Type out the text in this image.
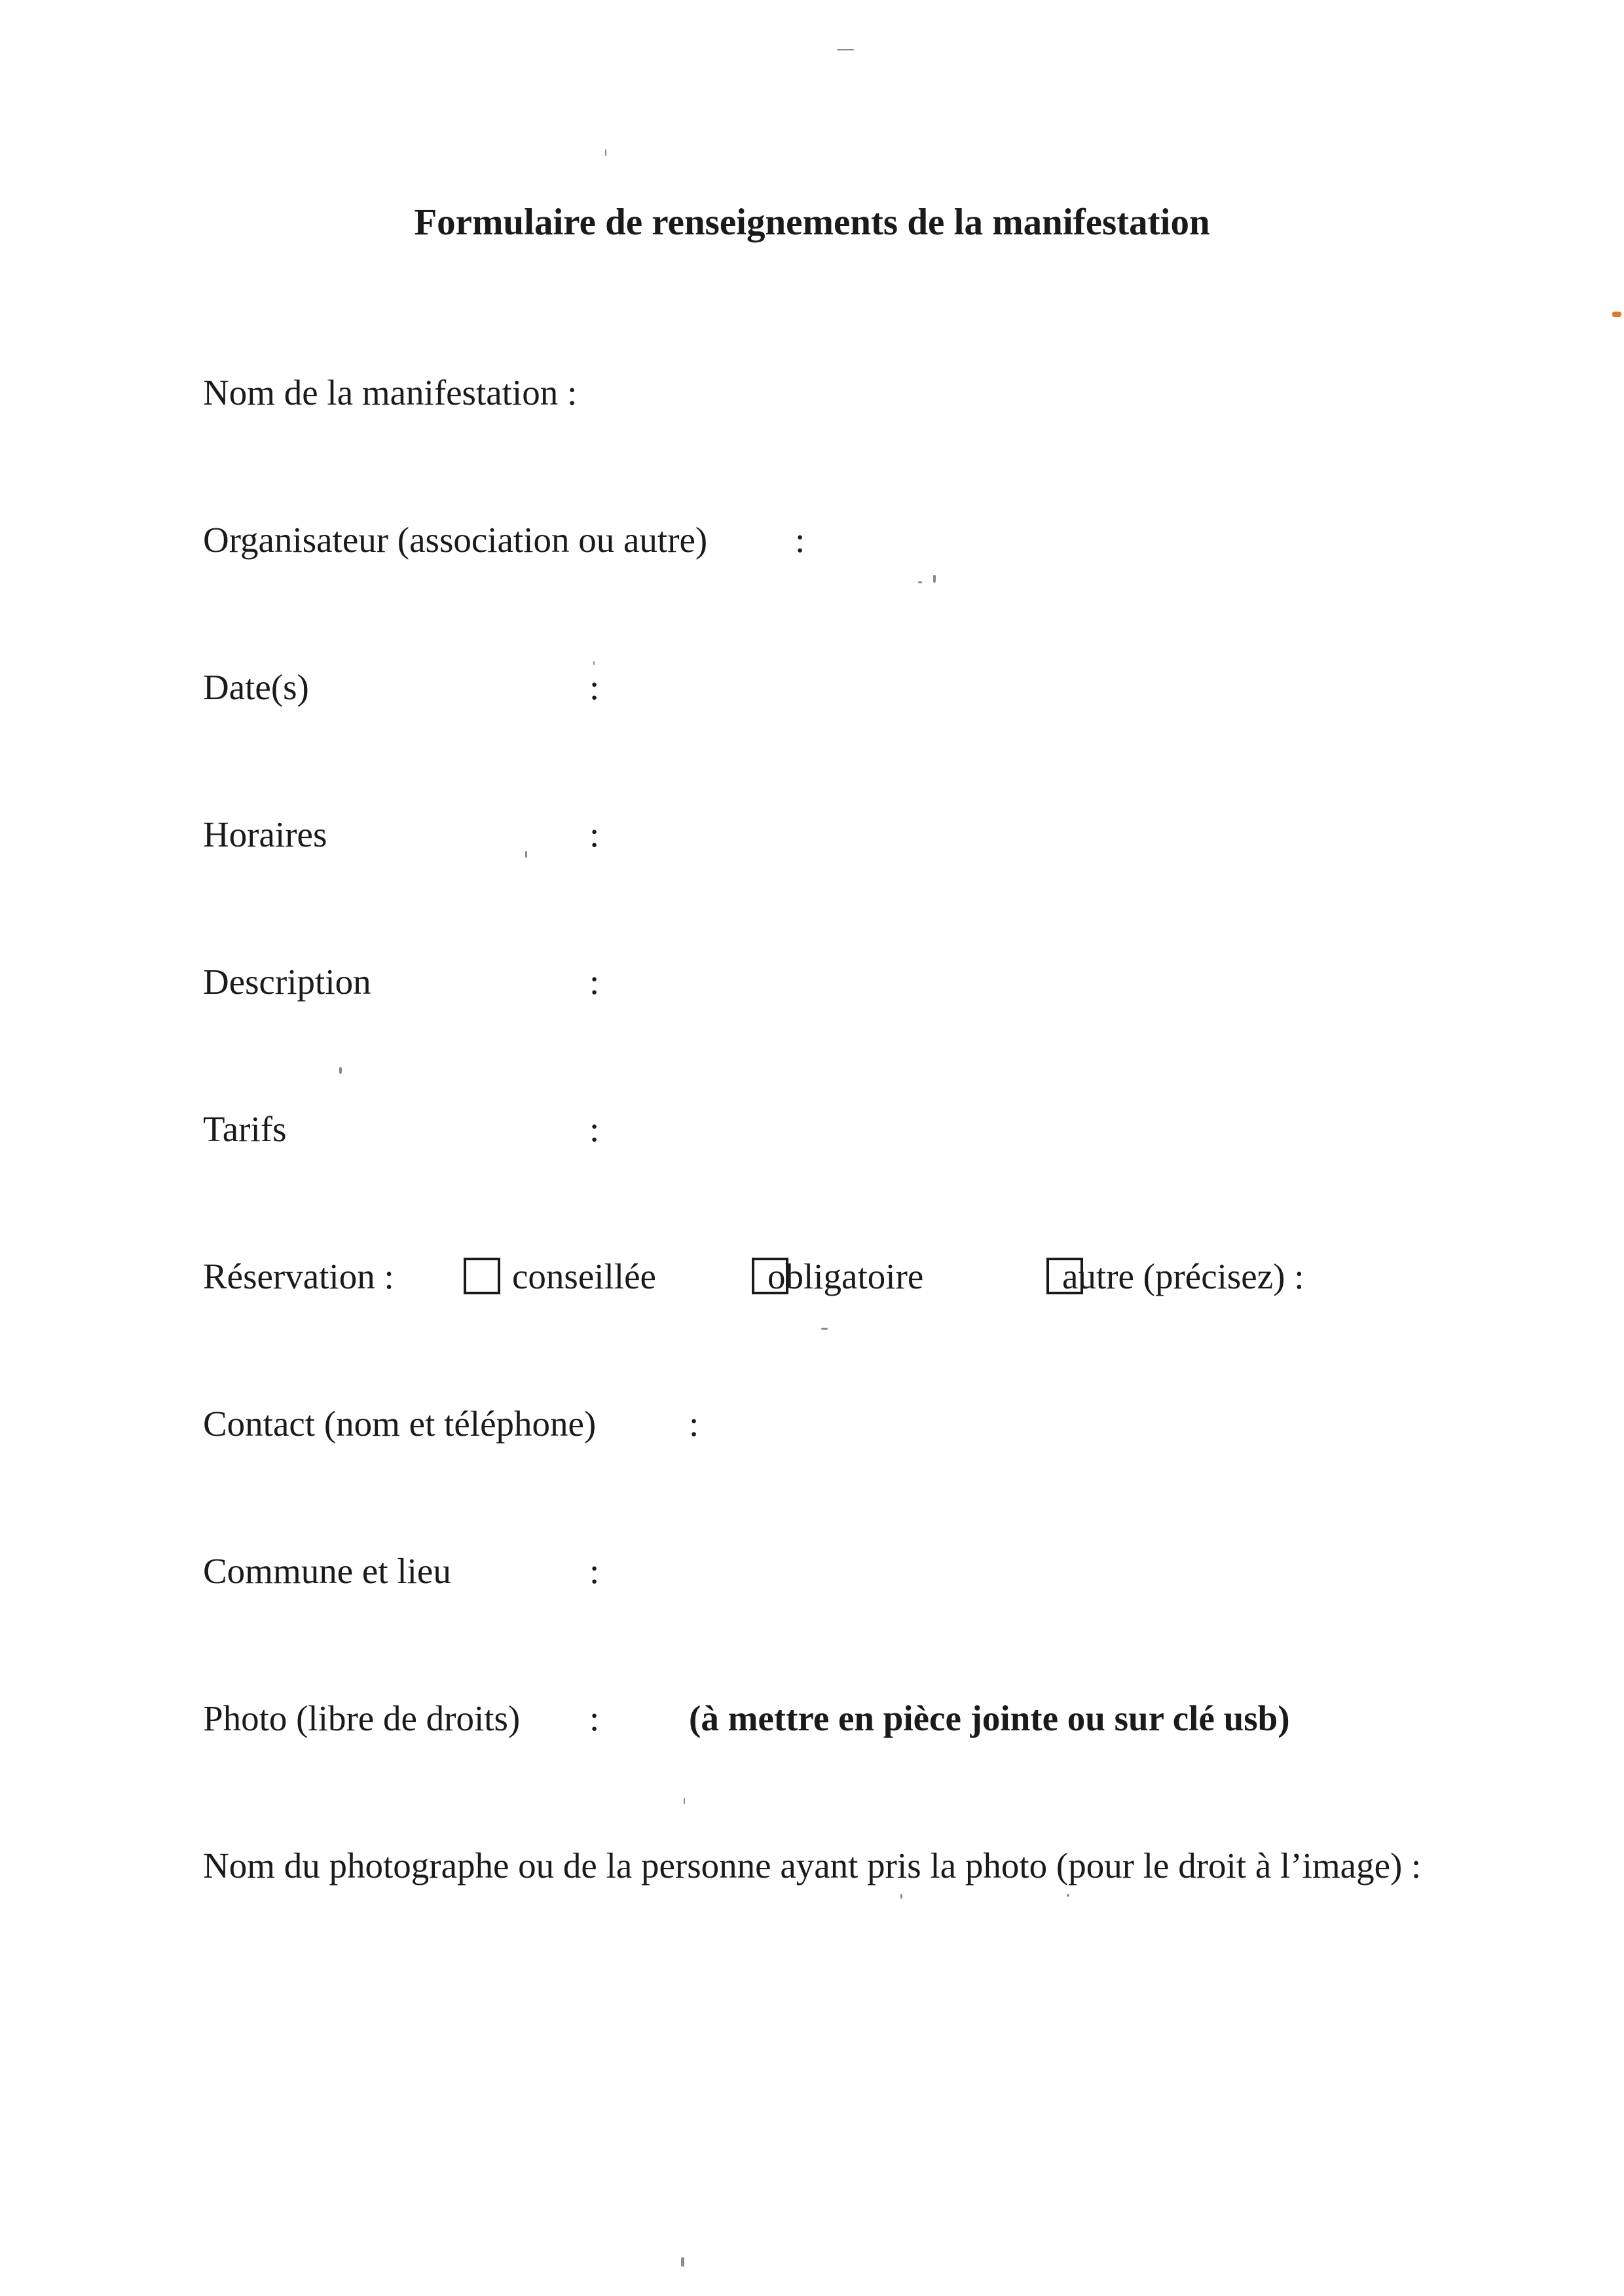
Formulaire de renseignements de la manifestation
Nom de la manifestation :
Organisateur (association ou autre) :
Date(s)	:
Horaires	:
Description	:
Tarifs	:
Réservation :	conseillée	obligatoire	autre (précisez) :
Contact (nom et téléphone)	:
Commune et lieu	:
Photo (libre de droits) : (à mettre en pièce jointe ou sur clé usb)
Nom du photographe ou de la personne ayant pris la photo (pour le droit à l’image) :
